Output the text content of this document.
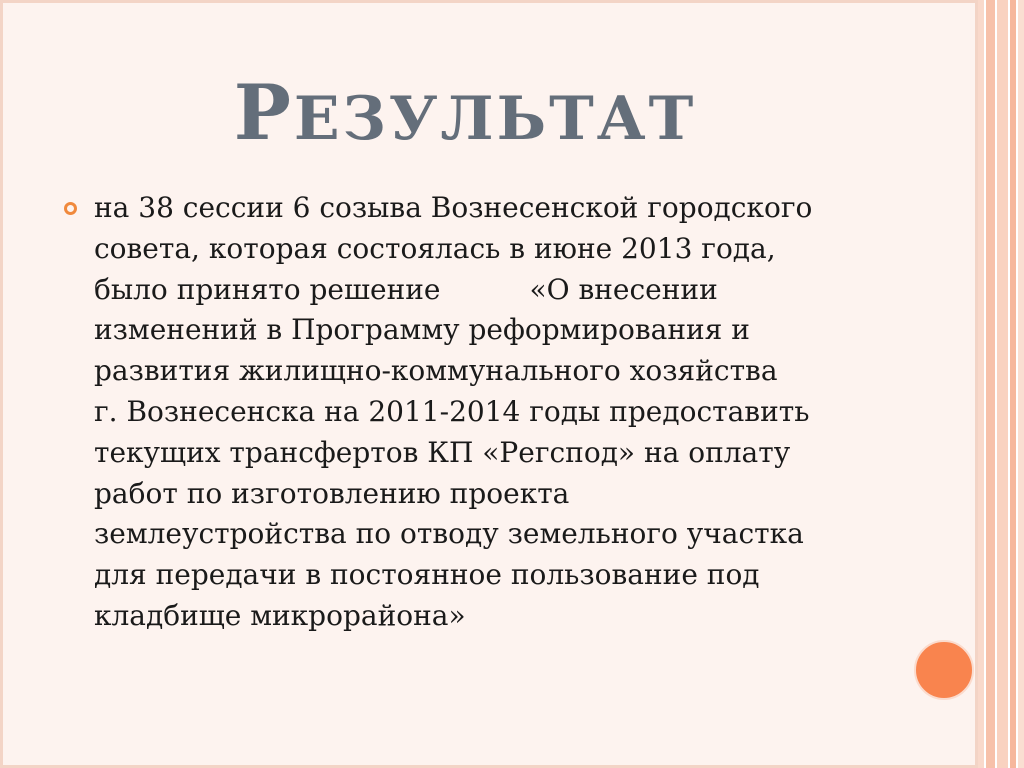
РЕЗУЛЬТАТ
на 38 сессии 6 созыва Вознесенской городского
совета, которая состоялась в июне 2013 года,
было принято решение          «О внесении
изменений в Программу реформирования и
развития жилищно-коммунального хозяйства
г. Вознесенска на 2011-2014 годы предоставить
текущих трансфертов КП «Регспод» на оплату
работ по изготовлению проекта
землеустройства по отводу земельного участка
для передачи в постоянное пользование под
кладбище микрорайона»
